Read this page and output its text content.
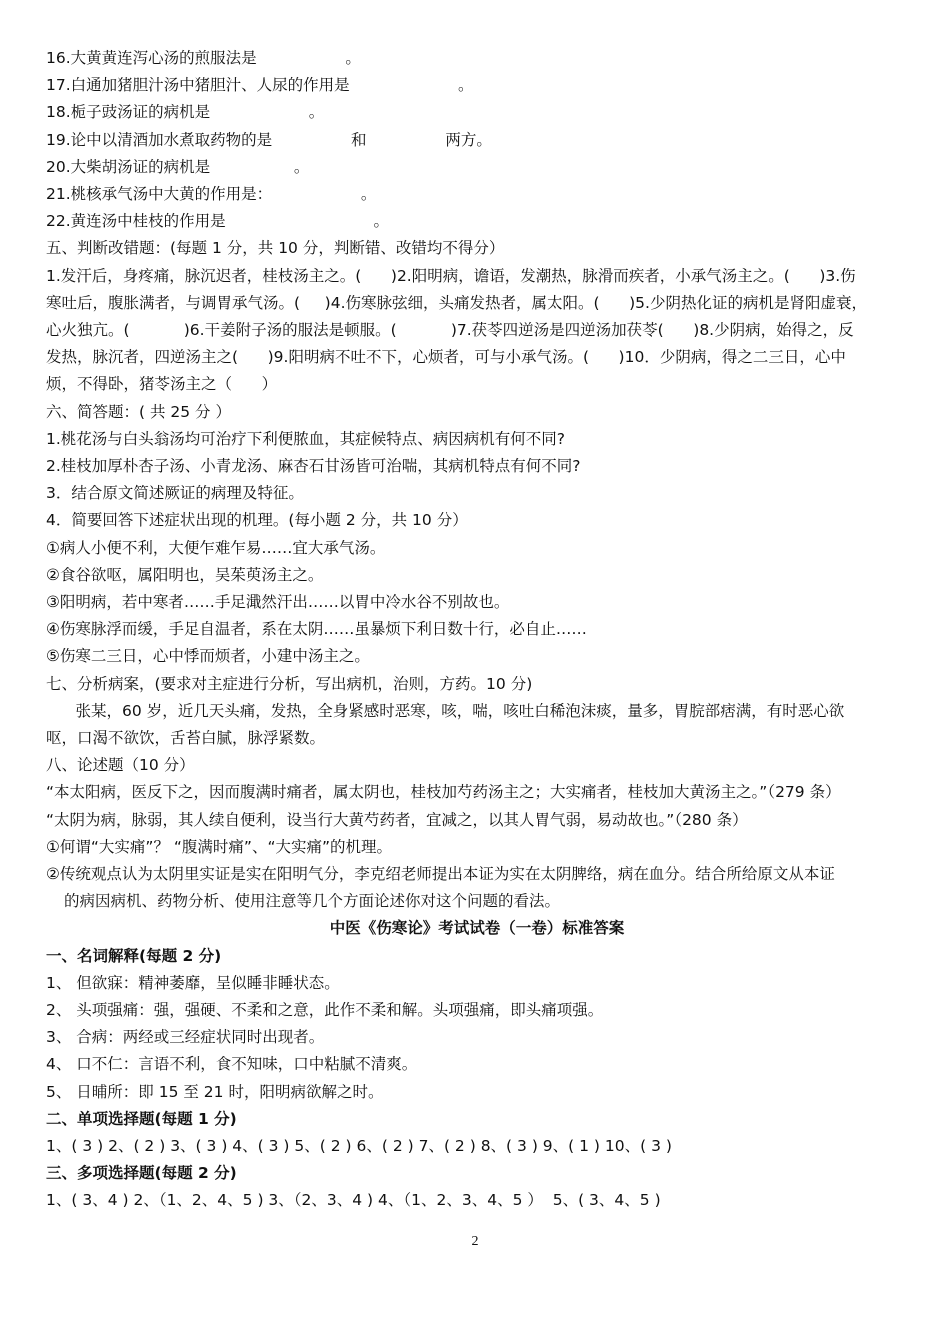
16.大黄黄连泻心汤的煎服法是                  。
17.白通加猪胆汁汤中猪胆汁、人尿的作用是                      。
18.栀子豉汤证的病机是                    。
19.论中以清酒加水煮取药物的是                和                两方。
20.大柴胡汤证的病机是                 。
21.桃核承气汤中大黄的作用是：                  。
22.黄连汤中桂枝的作用是                              。
五、判断改错题：(每题 1 分，共 10 分，判断错、改错均不得分）
1.发汗后，身疼痛，脉沉迟者，桂枝汤主之。(      )2.阳明病，谵语，发潮热，脉滑而疾者，小承气汤主之。(      )3.伤
寒吐后，腹胀满者，与调胃承气汤。(     )4.伤寒脉弦细，头痛发热者，属太阳。(      )5.少阴热化证的病机是肾阳虚衰，
心火独亢。(           )6.干姜附子汤的服法是顿服。(           )7.茯苓四逆汤是四逆汤加茯苓(      )8.少阴病，始得之，反
发热，脉沉者，四逆汤主之(      )9.阳明病不吐不下，心烦者，可与小承气汤。(      )10．少阴病，得之二三日，心中
烦，不得卧，猪苓汤主之（      ）
六、简答题：( 共 25 分 ）
1.桃花汤与白头翁汤均可治疗下利便脓血，其症候特点、病因病机有何不同?
2.桂枝加厚朴杏子汤、小青龙汤、麻杏石甘汤皆可治喘，其病机特点有何不同?
3．结合原文简述厥证的病理及特征。
4．简要回答下述症状出现的机理。(每小题 2 分，共 10 分）
①病人小便不利，大便乍难乍易……宜大承气汤。
②食谷欲呕，属阳明也，吴茱萸汤主之。
③阳明病，若中寒者……手足濈然汗出……以胃中冷水谷不别故也。
④伤寒脉浮而缓，手足自温者，系在太阴……虽暴烦下利日数十行，必自止……
⑤伤寒二三日，心中悸而烦者，小建中汤主之。
七、分析病案，(要求对主症进行分析，写出病机，治则，方药。10 分)
张某，60 岁，近几天头痛，发热，全身紧感时恶寒，咳，喘，咳吐白稀泡沫痰，量多，胃脘部痞满，有时恶心欲
呕，口渴不欲饮，舌苔白腻，脉浮紧数。
八、论述题（10 分）
“本太阳病，医反下之，因而腹满时痛者，属太阴也，桂枝加芍药汤主之；大实痛者，桂枝加大黄汤主之。”（279 条）
“太阴为病，脉弱，其人续自便利，设当行大黄芍药者，宜减之，以其人胃气弱，易动故也。”（280 条）
①何谓“大实痛”？ “腹满时痛”、“大实痛”的机理。
②传统观点认为太阴里实证是实在阳明气分，李克绍老师提出本证为实在太阴脾络，病在血分。结合所给原文从本证
的病因病机、药物分析、使用注意等几个方面论述你对这个问题的看法。
中医《伤寒论》考试试卷（一卷）标准答案
一、名词解释(每题 2 分)
1、 但欲寐：精神萎靡，呈似睡非睡状态。
2、 头项强痛：强，强硬、不柔和之意，此作不柔和解。头项强痛，即头痛项强。
3、 合病：两经或三经症状同时出现者。
4、 口不仁：言语不利，食不知味，口中粘腻不清爽。
5、 日晡所：即 15 至 21 时，阳明病欲解之时。
二、单项选择题(每题 1 分)
1、( 3 ) 2、( 2 ) 3、( 3 ) 4、( 3 ) 5、( 2 ) 6、( 2 ) 7、( 2 ) 8、( 3 ) 9、( 1 ) 10、( 3 )
三、多项选择题(每题 2 分)
1、( 3、4 ) 2、（1、2、4、5 ) 3、（2、3、4 ) 4、（1、2、3、4、5 ）  5、( 3、4、5 )
2
